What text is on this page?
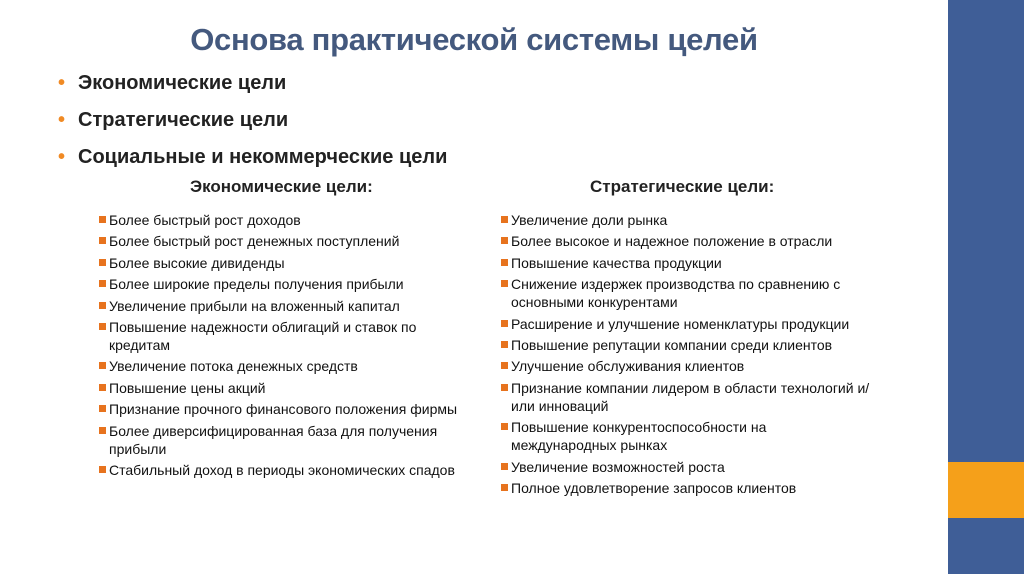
Основа практической системы целей
• Экономические цели
• Стратегические цели
• Социальные и некоммерческие цели
Экономические цели:	Стратегические цели:
Более быстрый рост доходов
Более быстрый рост денежных поступлений
Более высокие дивиденды
Более широкие пределы получения прибыли
Увеличение прибыли на вложенный капитал
Повышение надежности облигаций и ставок по кредитам
Увеличение потока денежных средств
Повышение цены акций
Признание прочного финансового положения фирмы
Более диверсифицированная база для получения прибыли
Стабильный доход в периоды экономических спадов
Увеличение доли рынка
Более высокое и надежное положение в отрасли
Повышение качества продукции
Снижение издержек производства по сравнению с основными конкурентами
Расширение и улучшение номенклатуры продукции
Повышение репутации компании среди клиентов
Улучшение обслуживания клиентов
Признание компании лидером в области технологий и/или инноваций
Повышение конкурентоспособности на международных рынках
Увеличение возможностей роста
Полное удовлетворение запросов клиентов
